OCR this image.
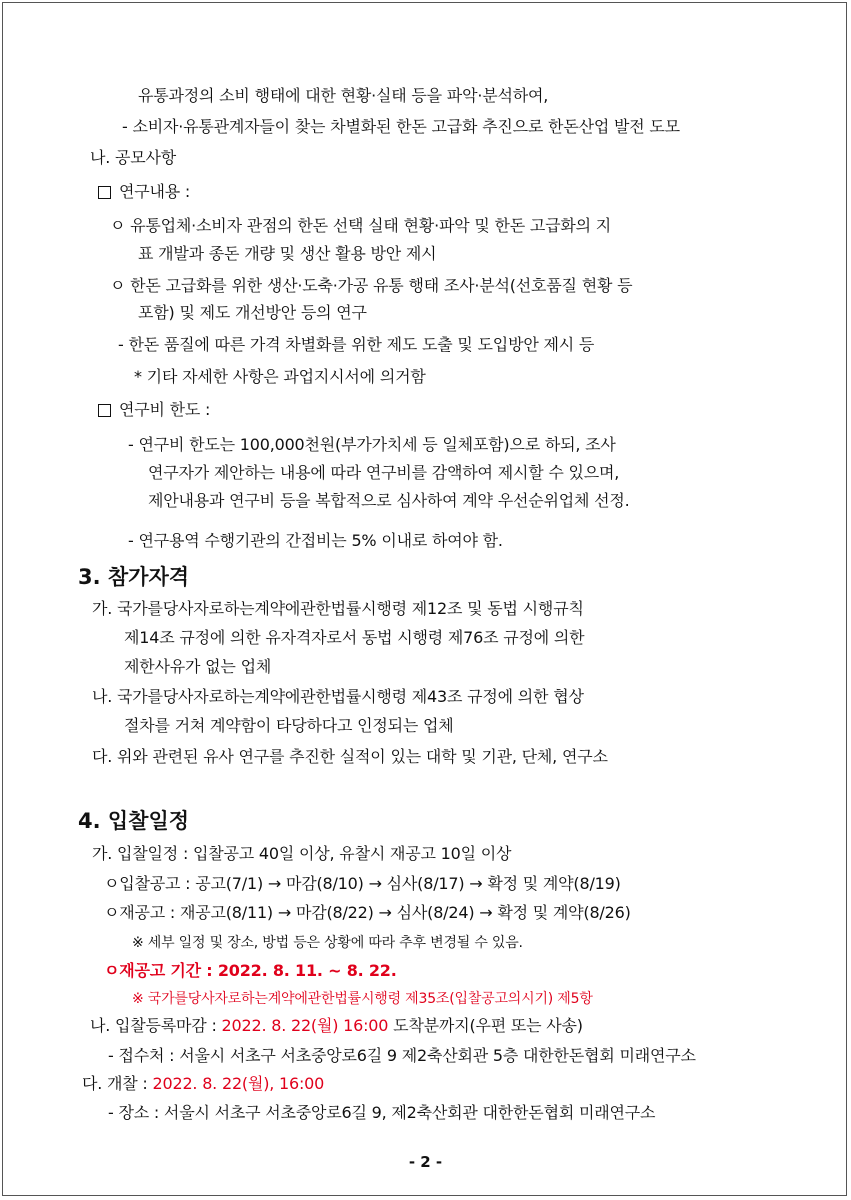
유통과정의 소비 행태에 대한 현황·실태 등을 파악·분석하여,
- 소비자·유통관계자들이 찾는 차별화된 한돈 고급화 추진으로 한돈산업 발전 도모
나. 공모사항
연구내용 :
ㅇ 유통업체·소비자 관점의 한돈 선택 실태 현황·파악 및 한돈 고급화의 지
표 개발과 종돈 개량 및 생산 활용 방안 제시
ㅇ 한돈 고급화를 위한 생산·도축·가공 유통 행태 조사·분석(선호품질 현황 등
포함) 및 제도 개선방안 등의 연구
- 한돈 품질에 따른 가격 차별화를 위한 제도 도출 및 도입방안 제시 등
* 기타 자세한 사항은 과업지시서에 의거함
연구비 한도 :
- 연구비 한도는 100,000천원(부가가치세 등 일체포함)으로 하되, 조사
연구자가 제안하는 내용에 따라 연구비를 감액하여 제시할 수 있으며,
제안내용과 연구비 등을 복합적으로 심사하여 계약 우선순위업체 선정.
- 연구용역 수행기관의 간접비는 5% 이내로 하여야 함.
3. 참가자격
가. 국가를당사자로하는계약에관한법률시행령 제12조 및 동법 시행규칙
제14조 규정에 의한 유자격자로서 동법 시행령 제76조 규정에 의한
제한사유가 없는 업체
나. 국가를당사자로하는계약에관한법률시행령 제43조 규정에 의한 협상
절차를 거쳐 계약함이 타당하다고 인정되는 업체
다. 위와 관련된 유사 연구를 추진한 실적이 있는 대학 및 기관, 단체, 연구소
4. 입찰일정
가. 입찰일정 : 입찰공고 40일 이상, 유찰시 재공고 10일 이상
ㅇ입찰공고 : 공고(7/1) → 마감(8/10) → 심사(8/17) → 확정 및 계약(8/19)
ㅇ재공고 : 재공고(8/11) → 마감(8/22) → 심사(8/24) → 확정 및 계약(8/26)
※ 세부 일정 및 장소, 방법 등은 상황에 따라 추후 변경될 수 있음.
ㅇ재공고 기간 : 2022. 8. 11. ~ 8. 22.
※ 국가를당사자로하는계약에관한법률시행령 제35조(입찰공고의시기) 제5항
나. 입찰등록마감 : 2022. 8. 22(월) 16:00 도착분까지(우편 또는 사송)
- 접수처 : 서울시 서초구 서초중앙로6길 9 제2축산회관 5층 대한한돈협회 미래연구소
다. 개찰 : 2022. 8. 22(월), 16:00
- 장소 : 서울시 서초구 서초중앙로6길 9, 제2축산회관 대한한돈협회 미래연구소
- 2 -
